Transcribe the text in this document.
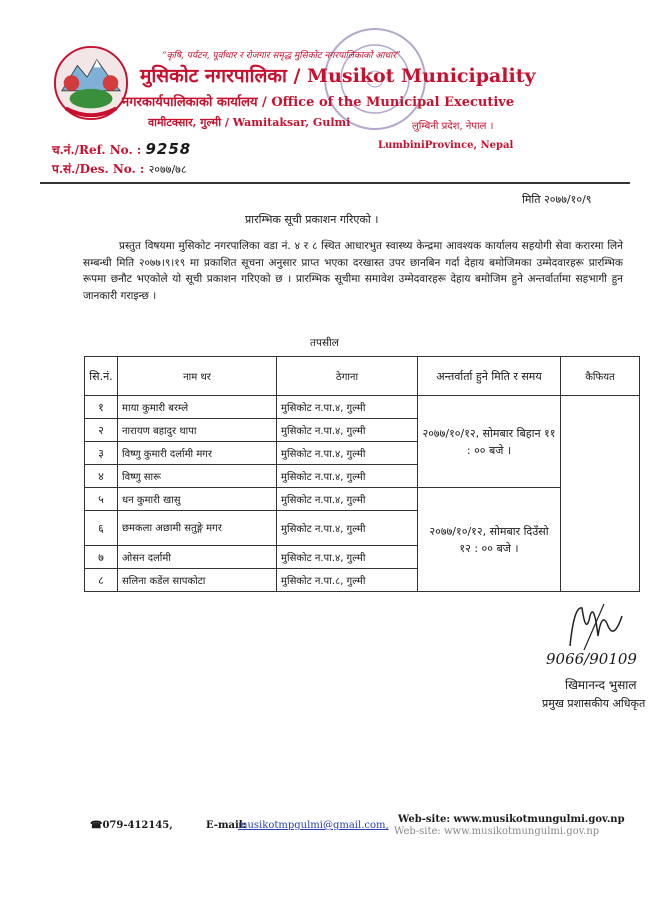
“कृषि, पर्यटन, पूर्वाधार र रोजगार समृद्ध मुसिकोट नगरपालिकाको आधार”
मुसिकोट नगरपालिका / Musikot Municipality
नगरकार्यपालिकाको कार्यालय / Office of the Municipal Executive
वामीटक्सार, गुल्मी / Wamitaksar, Gulmi	लुम्बिनी प्रदेश, नेपाल ।
LumbiniProvince, Nepal
च.नं./Ref. No. : 9258
प.सं./Des. No. : २०७७/७८
मिति २०७७/१०/९
प्रारम्भिक सूची प्रकाशन गरिएको ।
प्रस्तुत विषयमा मुसिकोट नगरपालिका वडा नं. ४ र ८ स्थित आधारभुत स्वास्थ्य केन्द्रमा आवश्यक कार्यालय सहयोगी सेवा करारमा लिने सम्बन्धी मिति २०७७।९।१९ मा प्रकाशित सूचना अनुसार प्राप्त भएका दरखास्त उपर छानबिन गर्दा देहाय बमोजिमका उम्मेदवारहरू प्रारम्भिक रूपमा छनौट भएकोले यो सूची प्रकाशन गरिएको छ । प्रारम्भिक सूचीमा समावेश उम्मेदवारहरू देहाय बमोजिम हुने अन्तर्वार्तामा सहभागी हुन जानकारी गराइन्छ ।
तपसील
सि.नं.	नाम थर	ठेगाना	अन्तर्वार्ता हुने मिति र समय	कैफियत
१	माया कुमारी बरम्ले	मुसिकोट न.पा.४, गुल्मी	२०७७/१०/१२, सोमबार बिहान ११ : ०० बजे ।	
२	नारायण बहादुर थापा	मुसिकोट न.पा.४, गुल्मी		
३	विष्णु कुमारी दर्लामी मगर	मुसिकोट न.पा.४, गुल्मी		
४	विष्णु सारू	मुसिकोट न.पा.४, गुल्मी		
५	धन कुमारी खासु	मुसिकोट न.पा.४, गुल्मी	२०७७/१०/१२, सोमबार दिउँसो १२ : ०० बजे ।	
६	छमकला अछामी सतुङ्गे मगर	मुसिकोट न.पा.४, गुल्मी		
७	ओसन दर्लामी	मुसिकोट न.पा.४, गुल्मी		
८	सलिना कडेंल सापकोटा	मुसिकोट न.पा.८, गुल्मी		
9066/90109
खिमानन्द भुसाल
प्रमुख प्रशासकीय अधिकृत
☎079-412145,	E-mail:
musikotmpgulmi@gmail.com,
Web-site: www.musikotmungulmi.gov.np
Web-site: www.musikotmungulmi.gov.np
